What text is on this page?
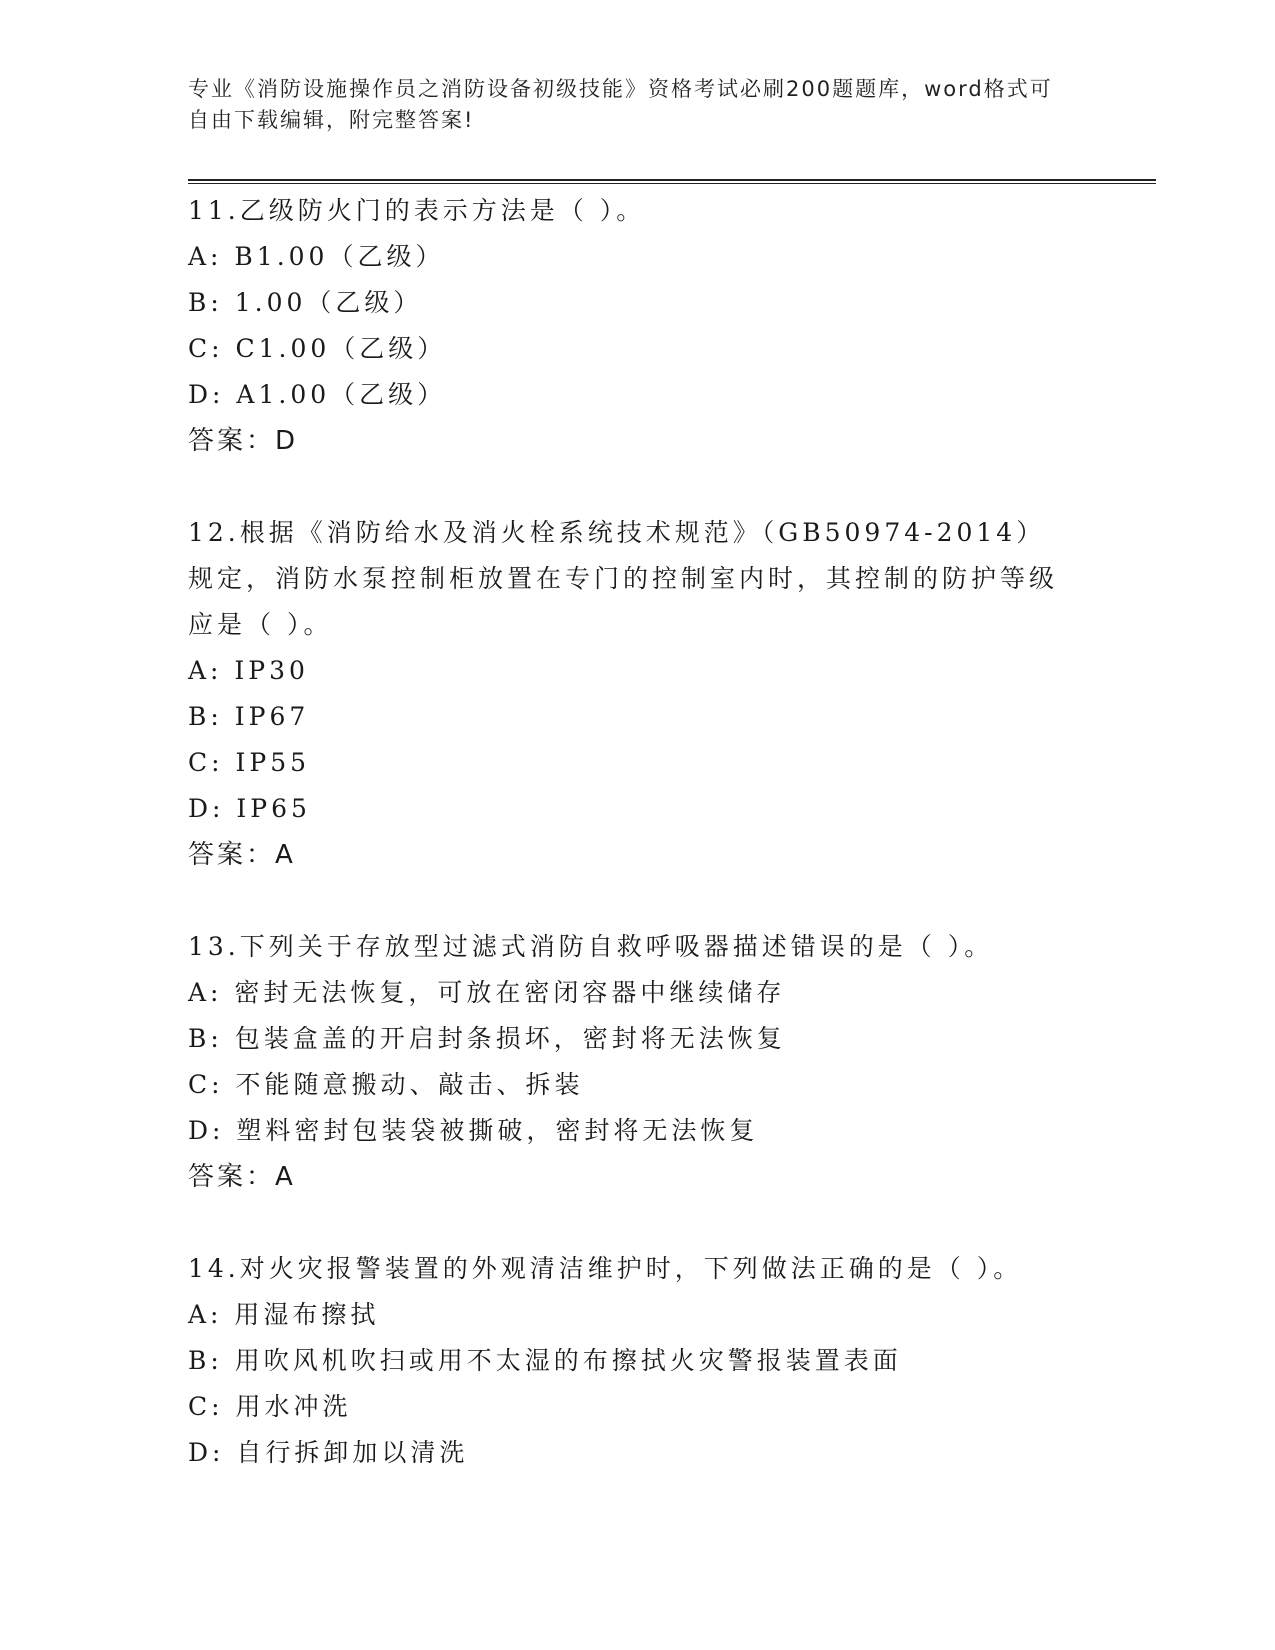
专业《消防设施操作员之消防设备初级技能》资格考试必刷200题题库，word格式可自由下载编辑，附完整答案!
11.乙级防火门的表示方法是（ ）。
A: B1.00（乙级）
B: 1.00（乙级）
C: C1.00（乙级）
D: A1.00（乙级）
答案：D
12.根据《消防给水及消火栓系统技术规范》（GB50974-2014）规定，消防水泵控制柜放置在专门的控制室内时，其控制的防护等级应是（ ）。
A: IP30
B: IP67
C: IP55
D: IP65
答案：A
13.下列关于存放型过滤式消防自救呼吸器描述错误的是（ ）。
A: 密封无法恢复，可放在密闭容器中继续储存
B: 包装盒盖的开启封条损坏，密封将无法恢复
C: 不能随意搬动、敲击、拆装
D: 塑料密封包装袋被撕破，密封将无法恢复
答案：A
14.对火灾报警装置的外观清洁维护时，下列做法正确的是（ ）。
A: 用湿布擦拭
B: 用吹风机吹扫或用不太湿的布擦拭火灾警报装置表面
C: 用水冲洗
D: 自行拆卸加以清洗
